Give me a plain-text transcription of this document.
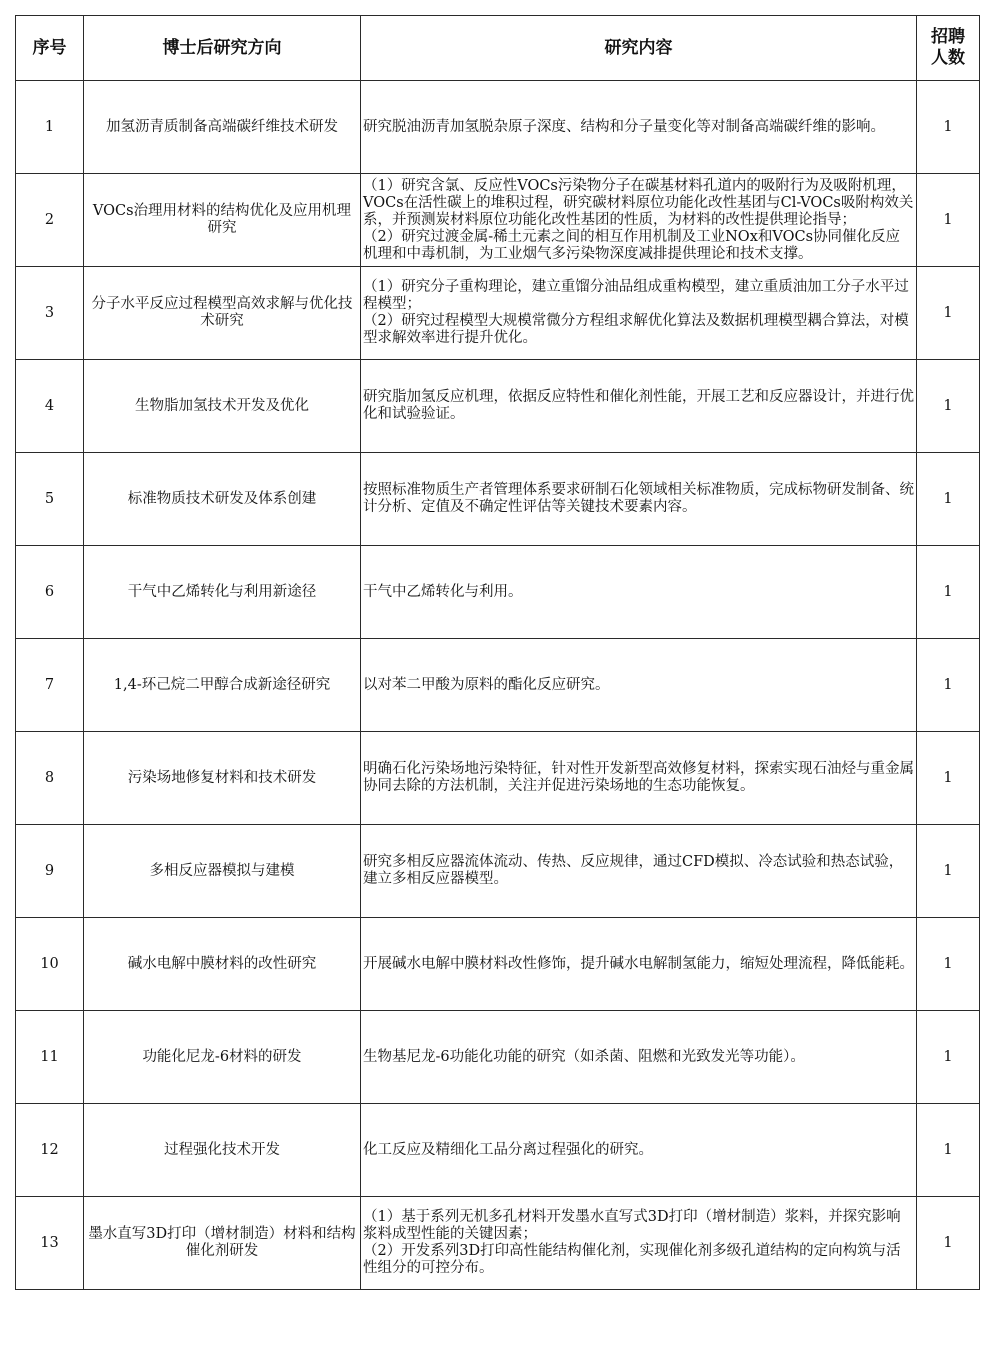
序号	博士后研究方向	研究内容	招聘
人数

1	加氢沥青质制备高端碳纤维技术研发	研究脱油沥青加氢脱杂原子深度、结构和分子量变化等对制备高端碳纤维的影响。	1
2	VOCs治理用材料的结构优化及应用机理研究	（1）研究含氯、反应性VOCs污染物分子在碳基材料孔道内的吸附行为及吸附机理，VOCs在活性碳上的堆积过程，研究碳材料原位功能化改性基团与Cl-VOCs吸附构效关系，并预测炭材料原位功能化改性基团的性质，为材料的改性提供理论指导；
（2）研究过渡金属-稀土元素之间的相互作用机制及工业NOx和VOCs协同催化反应机理和中毒机制，为工业烟气多污染物深度减排提供理论和技术支撑。	1
3	分子水平反应过程模型高效求解与优化技术研究	（1）研究分子重构理论，建立重馏分油品组成重构模型，建立重质油加工分子水平过程模型；
（2）研究过程模型大规模常微分方程组求解优化算法及数据机理模型耦合算法，对模型求解效率进行提升优化。	1
4	生物脂加氢技术开发及优化	研究脂加氢反应机理，依据反应特性和催化剂性能，开展工艺和反应器设计，并进行优化和试验验证。	1
5	标准物质技术研发及体系创建	按照标准物质生产者管理体系要求研制石化领域相关标准物质，完成标物研发制备、统计分析、定值及不确定性评估等关键技术要素内容。	1
6	干气中乙烯转化与利用新途径	干气中乙烯转化与利用。	1
7	1,4-环己烷二甲醇合成新途径研究	以对苯二甲酸为原料的酯化反应研究。	1
8	污染场地修复材料和技术研发	明确石化污染场地污染特征，针对性开发新型高效修复材料，探索实现石油烃与重金属协同去除的方法机制，关注并促进污染场地的生态功能恢复。	1
9	多相反应器模拟与建模	研究多相反应器流体流动、传热、反应规律，通过CFD模拟、冷态试验和热态试验，建立多相反应器模型。	1
10	碱水电解中膜材料的改性研究	开展碱水电解中膜材料改性修饰，提升碱水电解制氢能力，缩短处理流程，降低能耗。	1
11	功能化尼龙-6材料的研发	生物基尼龙-6功能化功能的研究（如杀菌、阻燃和光致发光等功能）。	1
12	过程强化技术开发	化工反应及精细化工品分离过程强化的研究。	1
13	墨水直写3D打印（增材制造）材料和结构催化剂研发	（1）基于系列无机多孔材料开发墨水直写式3D打印（增材制造）浆料，并探究影响浆料成型性能的关键因素；
（2）开发系列3D打印高性能结构催化剂，实现催化剂多级孔道结构的定向构筑与活性组分的可控分布。	1
